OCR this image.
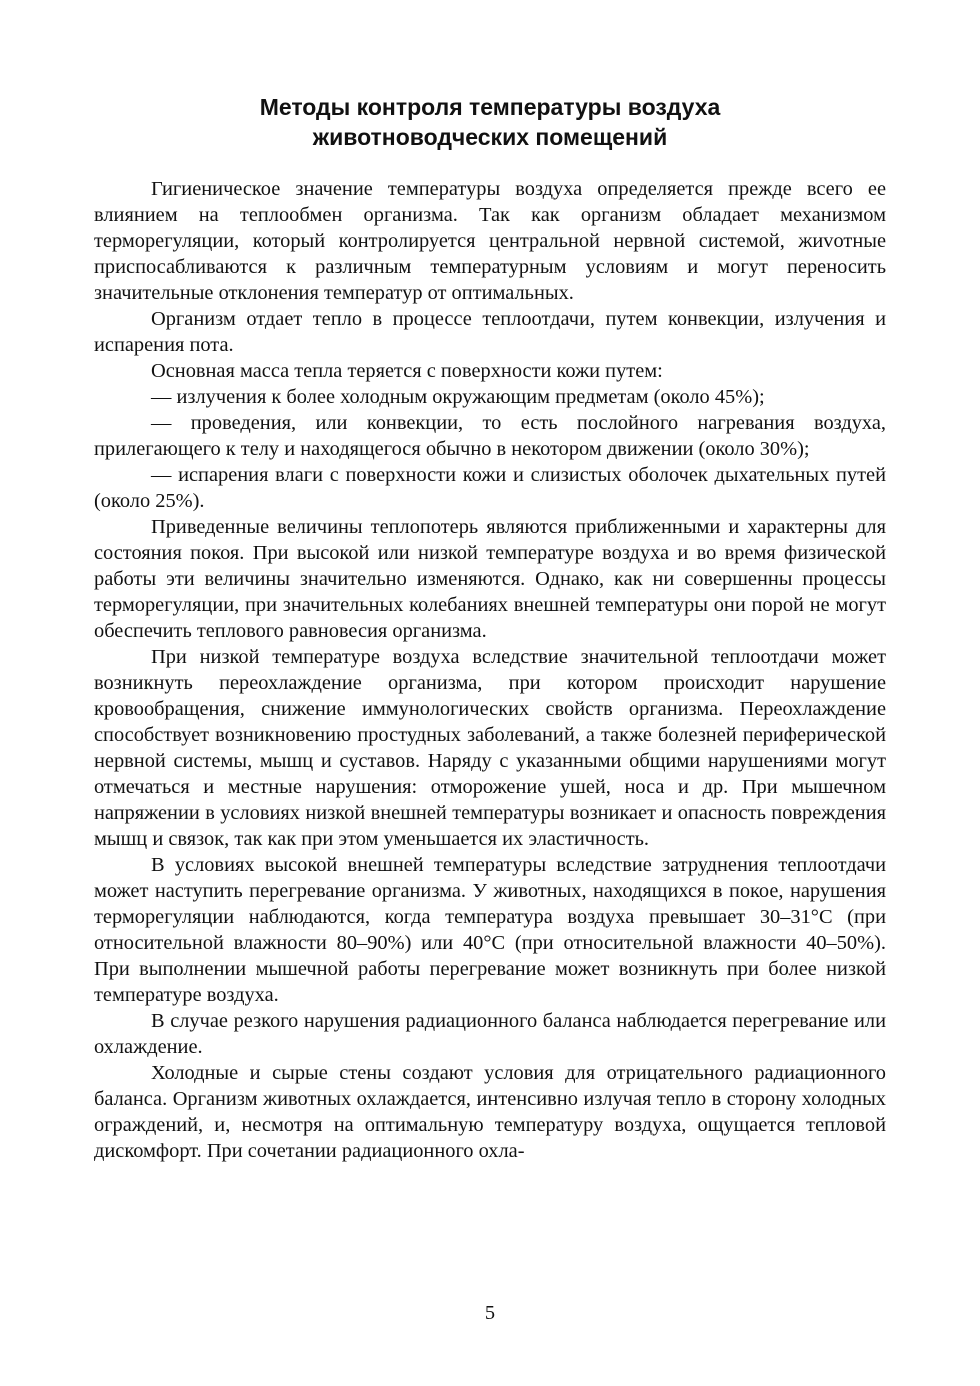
Методы контроля температуры воздуха
животноводческих помещений

Гигиеническое значение температуры воздуха определяется прежде всего ее влиянием на теплообмен организма. Так как организм обладает механизмом терморегуляции, который контролируется центральной нервной системой, жиvотные приспосабливаются к различным температурным условиям и могут переносить значительные отклонения температур от оптимальных.

Организм отдает тепло в процессе теплоотдачи, путем конвекции, излучения и испарения пота.

Основная масса тепла теряется с поверхности кожи путем:

— излучения к более холодным окружающим предметам (около 45%);

— проведения, или конвекции, то есть послойного нагревания воздуха, прилегающего к телу и находящегося обычно в некотором движении (около 30%);

— испарения влаги с поверхности кожи и слизистых оболочек дыхательных путей (около 25%).

Приведенные величины теплопотерь являются приближенными и характерны для состояния покоя. При высокой или низкой температуре воздуха и во время физической работы эти величины значительно изменяются. Однако, как ни совершенны процессы терморегуляции, при значительных колебаниях внешней температуры они порой не могут обеспечить теплового равновесия организма.

При низкой температуре воздуха вследствие значительной теплоотдачи может возникнуть переохлаждение организма, при котором происходит нарушение кровообращения, снижение иммунологических свойств организма. Переохлаждение способствует возникновению простудных заболеваний, а также болезней периферической нервной системы, мышц и суставов. Наряду с указанными общими нарушениями могут отмечаться и местные нарушения: отморожение ушей, носа и др. При мышечном напряжении в условиях низкой внешней температуры возникает и опасность повреждения мышц и связок, так как при этом уменьшается их эластичность.

В условиях высокой внешней температуры вследствие затруднения теплоотдачи может наступить перегревание организма. У животных, находящихся в покое, нарушения терморегуляции наблюдаются, когда температура воздуха превышает 30–31°С (при относительной влажности 80–90%) или 40°С (при относительной влажности 40–50%). При выполнении мышечной работы перегревание может возникнуть при более низкой температуре воздуха.

В случае резкого нарушения радиационного баланса наблюдается перегревание или охлаждение.

Холодные и сырые стены создают условия для отрицательного радиационного баланса. Организм животных охлаждается, интенсивно излучая тепло в сторону холодных ограждений, и, несмотря на оптимальную температуру воздуха, ощущается тепловой дискомфорт. При сочетании радиационного охла-

5
